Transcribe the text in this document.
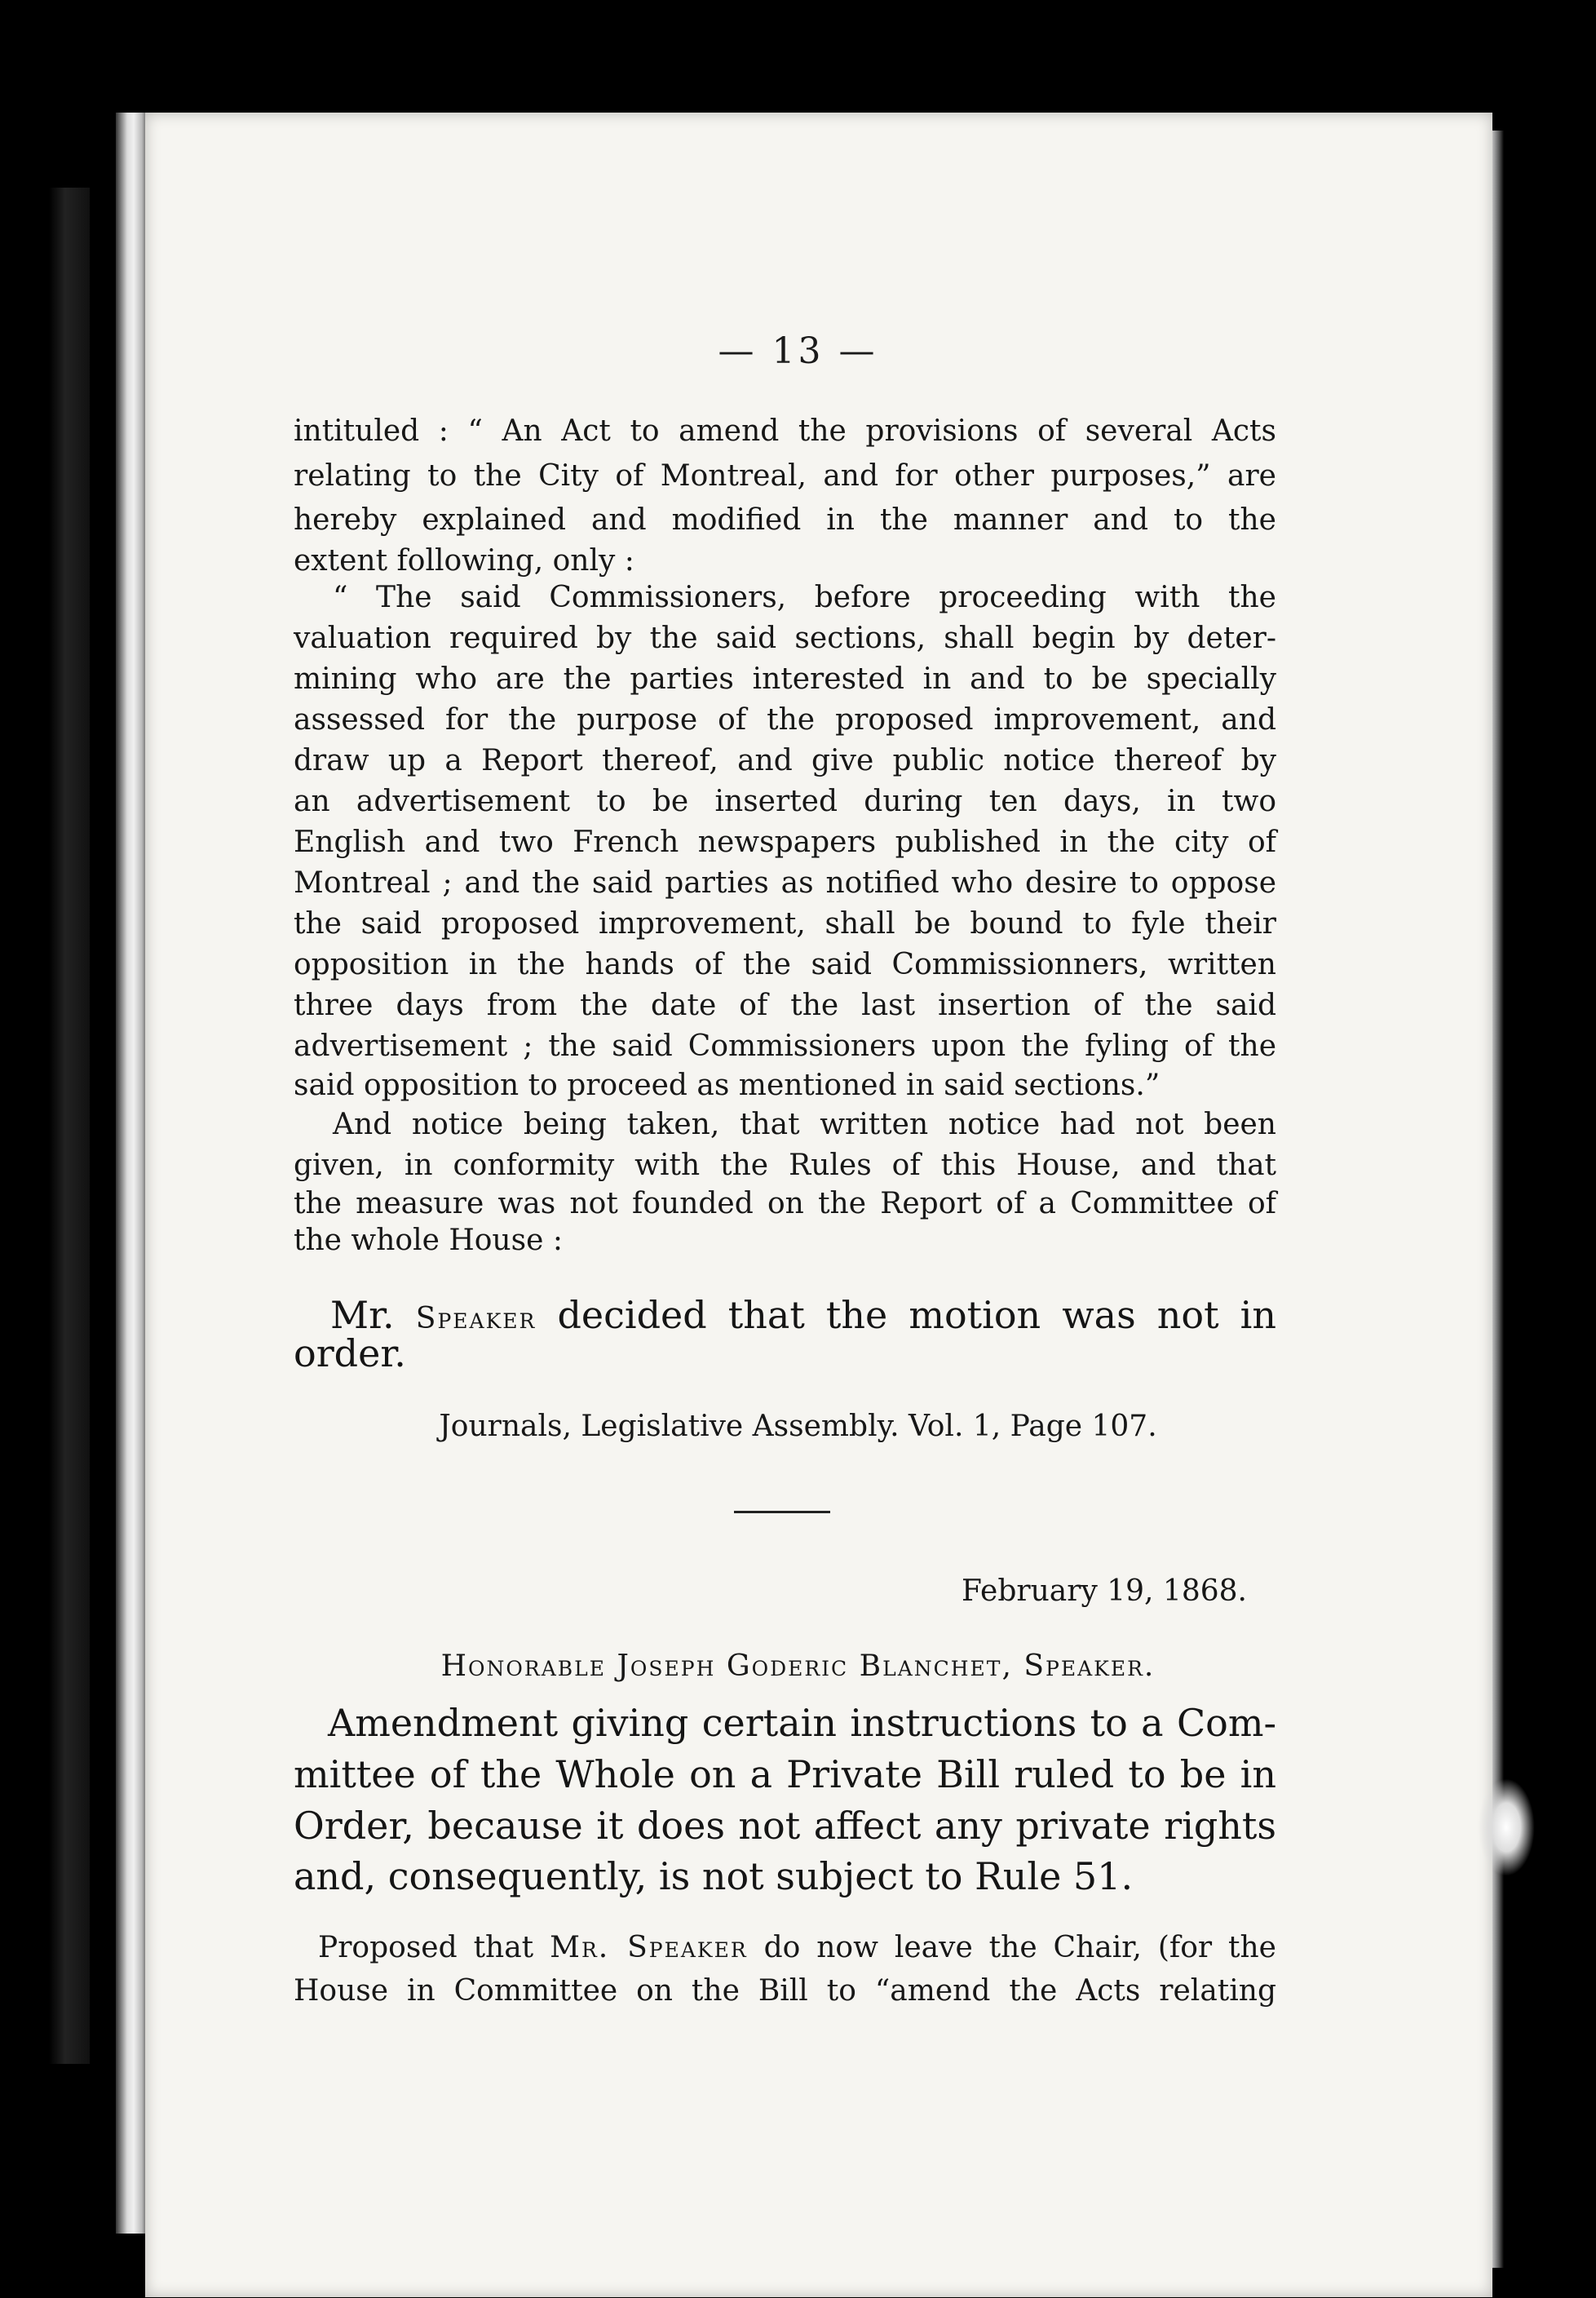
— 13 —
intituled : “ An Act to amend the provisions of several Acts
relating to the City of Montreal, and for other purposes,” are
hereby explained and modified in the manner and to the
extent following, only :
“ The said Commissioners, before proceeding with the
valuation required by the said sections, shall begin by deter-
mining who are the parties interested in and to be specially
assessed for the purpose of the proposed improvement, and
draw up a Report thereof, and give public notice thereof by
an advertisement to be inserted during ten days, in two
English and two French newspapers published in the city of
Montreal ; and the said parties as notified who desire to oppose
the said proposed improvement, shall be bound to fyle their
opposition in the hands of the said Commissionners, written
three days from the date of the last insertion of the said
advertisement ; the said Commissioners upon the fyling of the
said opposition to proceed as mentioned in said sections.”
And notice being taken, that written notice had not been
given, in conformity with the Rules of this House, and that
the measure was not founded on the Report of a Committee of
the whole House :
Mr. Speaker decided that the motion was not in
order.
Journals, Legislative Assembly. Vol. 1, Page 107.
February 19, 1868.
Honorable Joseph Goderic Blanchet, Speaker.
Amendment giving certain instructions to a Com-
mittee of the Whole on a Private Bill ruled to be in
Order, because it does not affect any private rights
and, consequently, is not subject to Rule 51.
Proposed that Mr. Speaker do now leave the Chair, (for the
House in Committee on the Bill to “amend the Acts relating
